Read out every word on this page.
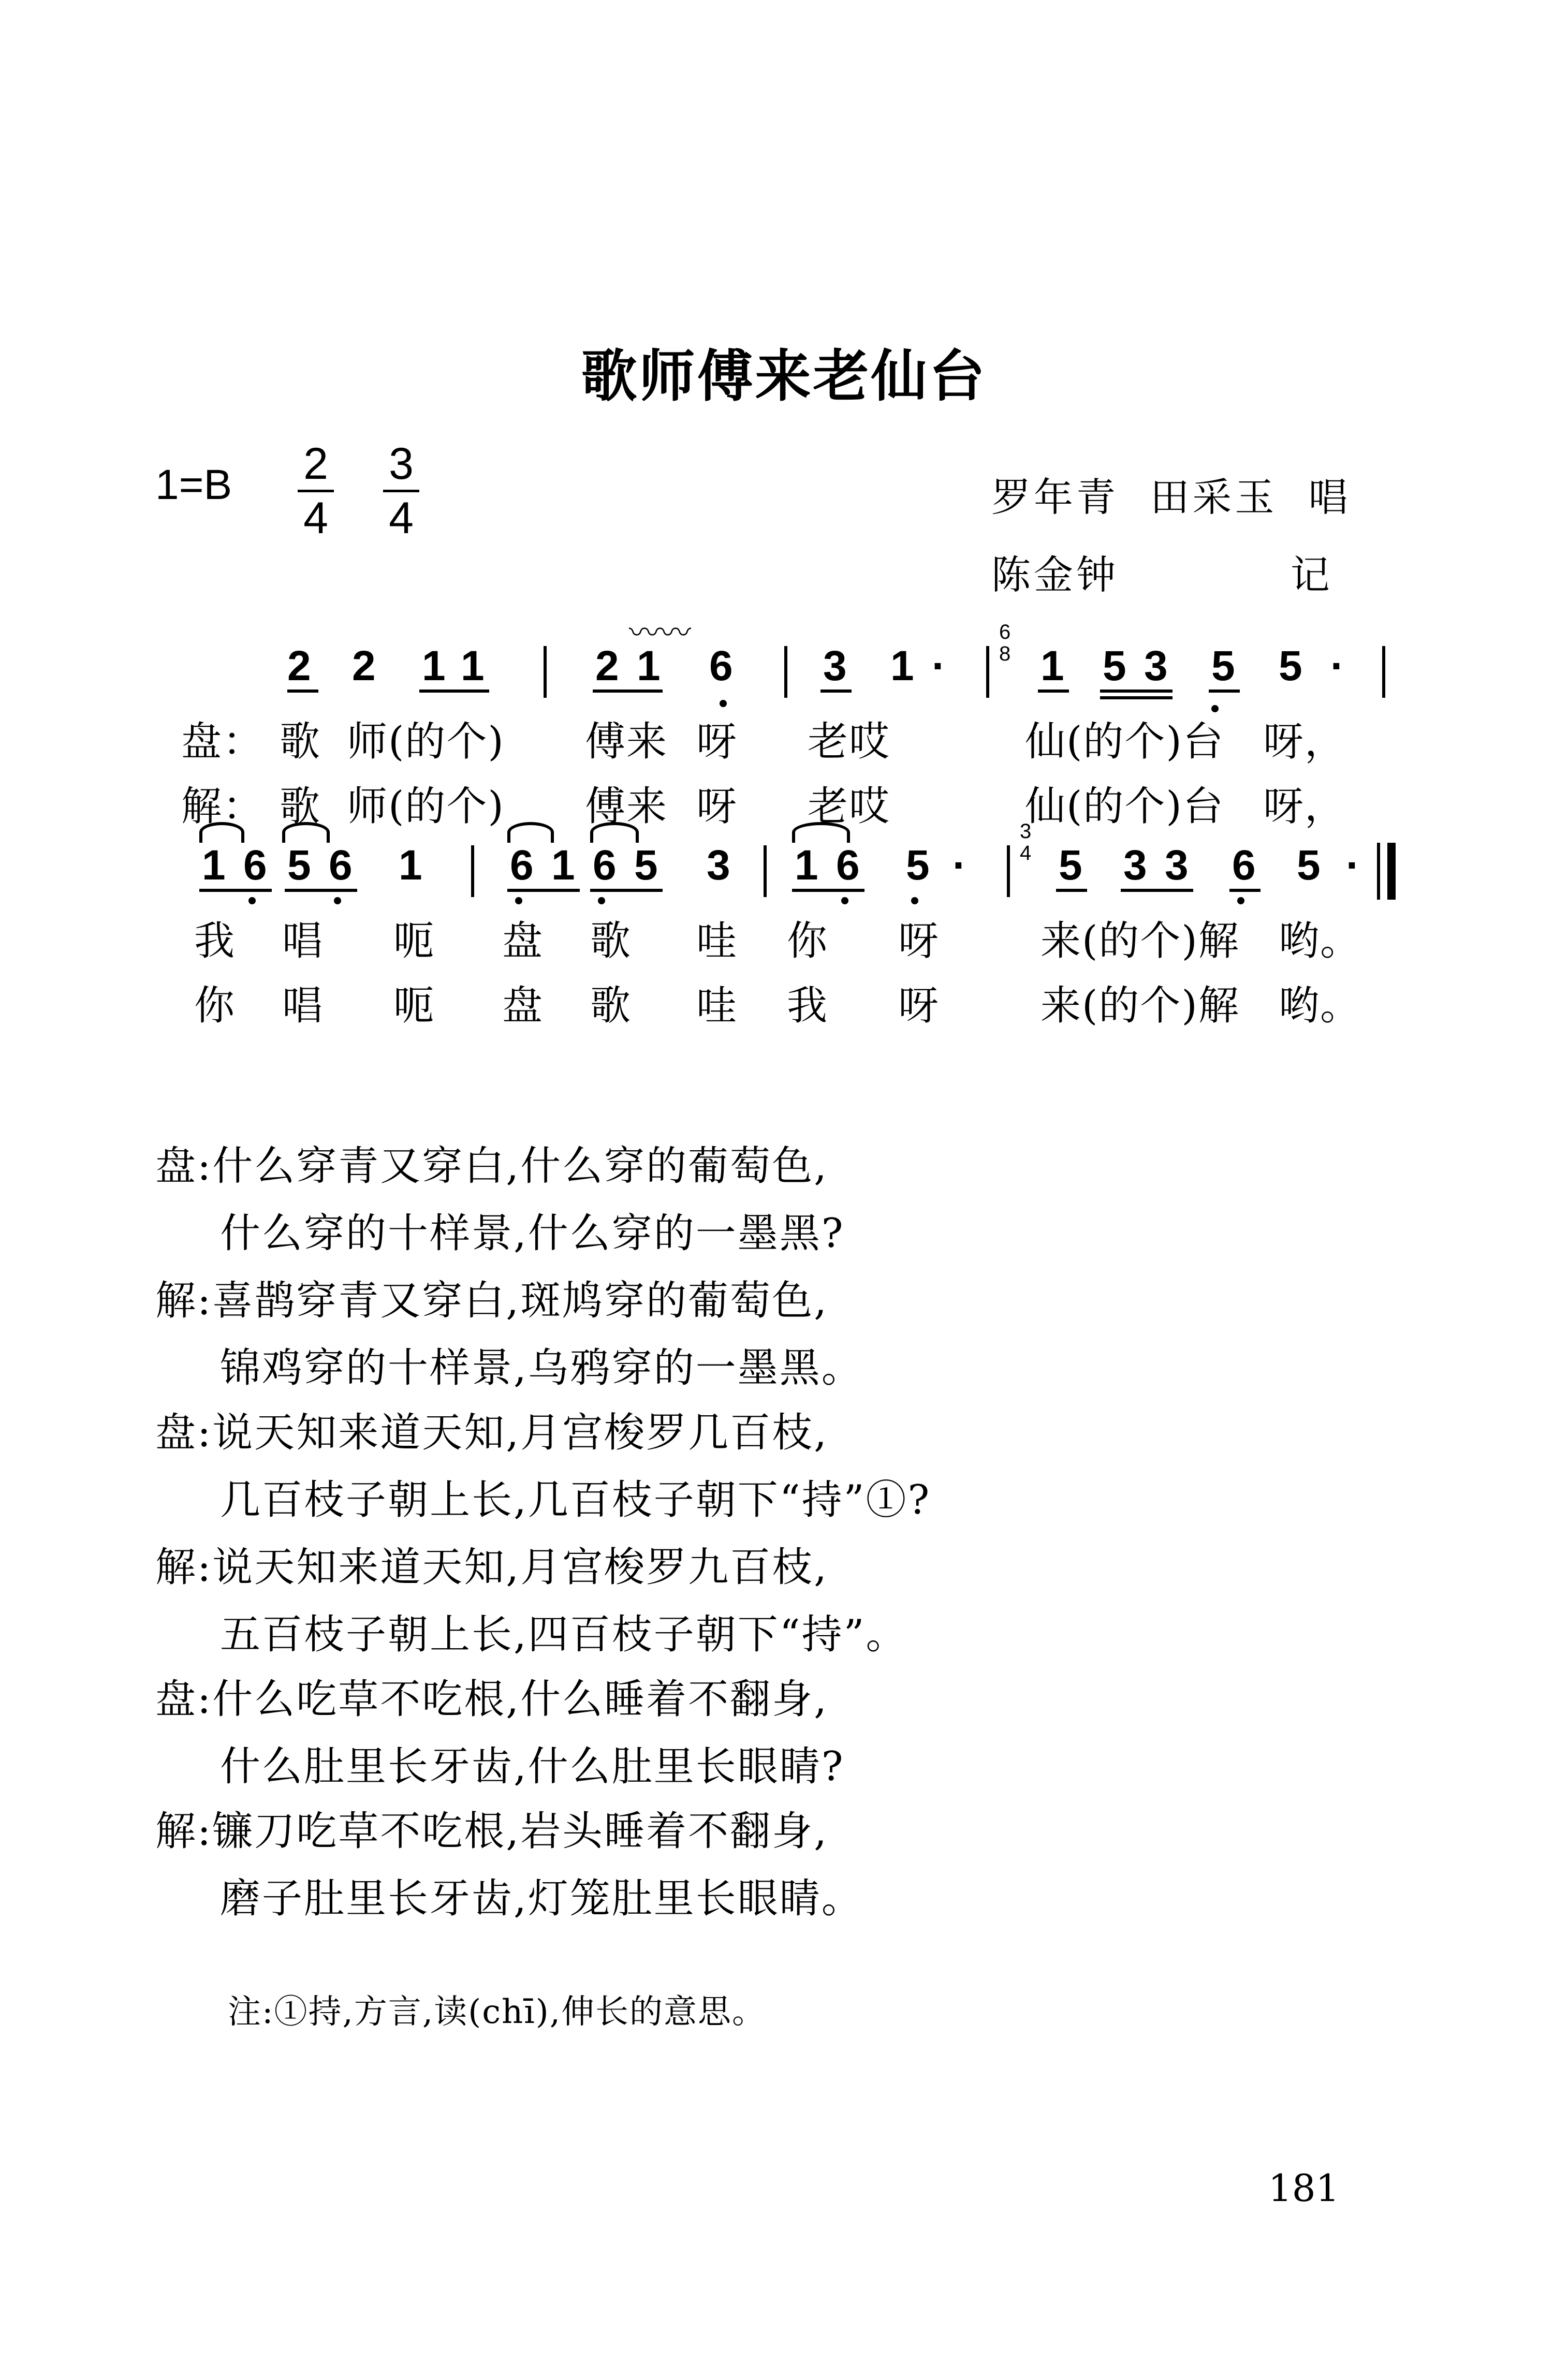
歌师傅来老仙台
1=B 2
4
3
4	罗年青  田采玉  唱
陈金钟           记
〰〰	6
8
2 2 1 1	2 1 6 3 1 · 1 5 3 5 5 ·
盘： 歌 师(的个) 傅来 呀 老哎	仙(的个)台 呀，
解： 歌 师(的个) 傅来 呀 老哎	仙(的个)台 呀，
3
4
1 6 5 6 1 6 1 6 5 3 1 6 5 · 5 3 3 6 5 ·
我 唱 呃 盘 歌 哇 你 呀 来(的个)解 哟。
你 唱 呃 盘 歌 哇 我 呀 来(的个)解 哟。
盘:什么穿青又穿白,什么穿的葡萄色,
什么穿的十样景,什么穿的一墨黑?
解:喜鹊穿青又穿白,斑鸠穿的葡萄色,
锦鸡穿的十样景,乌鸦穿的一墨黑。
盘:说天知来道天知,月宫梭罗几百枝,
几百枝子朝上长,几百枝子朝下“持”①?
解:说天知来道天知,月宫梭罗九百枝,
五百枝子朝上长,四百枝子朝下“持”。
盘:什么吃草不吃根,什么睡着不翻身,
什么肚里长牙齿,什么肚里长眼睛?
解:镰刀吃草不吃根,岩头睡着不翻身,
磨子肚里长牙齿,灯笼肚里长眼睛。
注:①持,方言,读(chī),伸长的意思。
181
